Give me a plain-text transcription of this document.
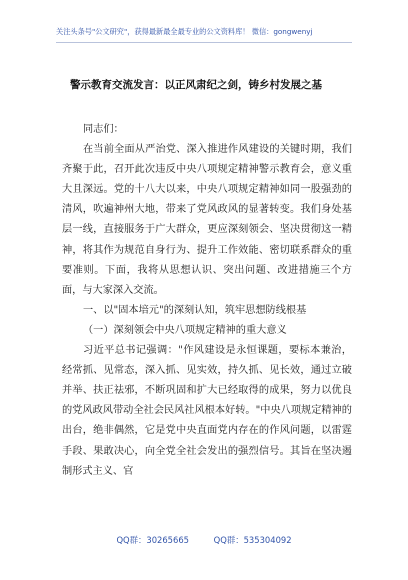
关注头条号"公文研究"，获得最新最全最专业的公文资料库！ 微信：gongwenyj
警示教育交流发言：以正风肃纪之剑，铸乡村发展之基

同志们：

在当前全面从严治党、深入推进作风建设的关键时期，我们齐聚于此，召开此次违反中央八项规定精神警示教育会，意义重大且深远。党的十八大以来，中央八项规定精神如同一股强劲的清风，吹遍神州大地，带来了党风政风的显著转变。我们身处基层一线，直接服务于广大群众，更应深刻领会、坚决贯彻这一精神，将其作为规范自身行为、提升工作效能、密切联系群众的重要准则。下面，我将从思想认识、突出问题、改进措施三个方面，与大家深入交流。

一、以"固本培元"的深刻认知，筑牢思想防线根基

（一）深刻领会中央八项规定精神的重大意义

习近平总书记强调："作风建设是永恒课题，要标本兼治，经常抓、见常态，深入抓、见实效，持久抓、见长效，通过立破并举、扶正祛邪，不断巩固和扩大已经取得的成果，努力以优良的党风政风带动全社会民风社风根本好转。"中央八项规定精神的出台，绝非偶然，它是党中央直面党内存在的作风问题，以雷霆手段、果敢决心，向全党全社会发出的强烈信号。其旨在坚决遏制形式主义、官

QQ群：30265665	QQ群：535304092
